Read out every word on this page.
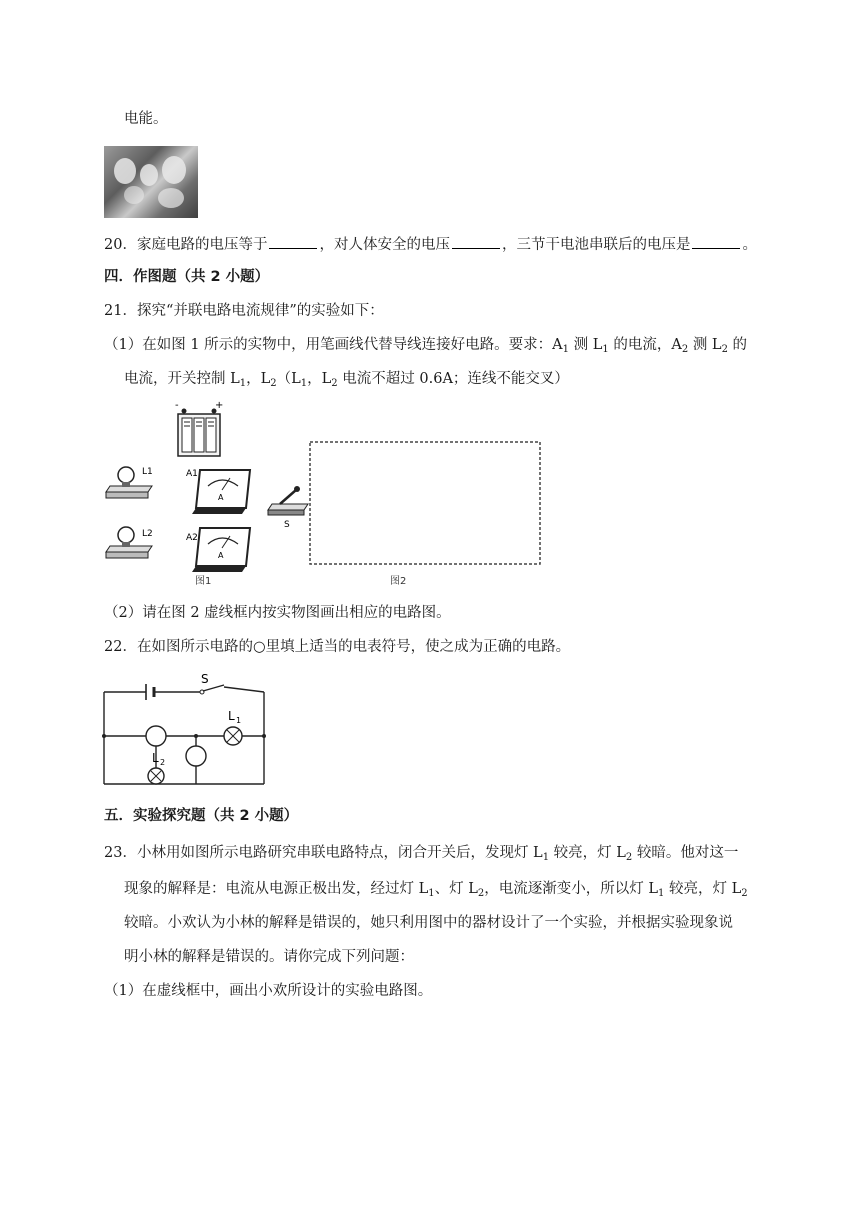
电能。
20．家庭电路的电压等于	，对人体安全的电压	，三节干电池串联后的电压是	。
四．作图题（共 2 小题）
21．探究“并联电路电流规律”的实验如下：
（1）在如图 1 所示的实物中，用笔画线代替导线连接好电路。要求：$A_1$ 测 $L_1$ 的电流，$A_2$ 测 $L_2$ 的
电流，开关控制 $L_1$，$L_2(L_1$，$L_2$ 电流不超过 0.6A；连线不能交叉）
-	+
L1
L2
A
A1
A
A2
S
图1	图2
（2）请在图 2 虚线框内按实物图画出相应的电路图。
22．在如图所示电路的○里填上适当的电表符号，使之成为正确的电路。
S
L 1
L 2
五．实验探究题（共 2 小题）
23．小林用如图所示电路研究串联电路特点，闭合开关后，发现灯 $L_1$ 较亮，灯 $L_2$ 较暗。他对这一
现象的解释是：电流从电源正极出发，经过灯 $L_1$、灯 $L_2$，电流逐渐变小，所以灯 $L_1$ 较亮，灯 $L_2$
较暗。小欢认为小林的解释是错误的，她只利用图中的器材设计了一个实验，并根据实验现象说
明小林的解释是错误的。请你完成下列问题：
（1）在虚线框中，画出小欢所设计的实验电路图。
